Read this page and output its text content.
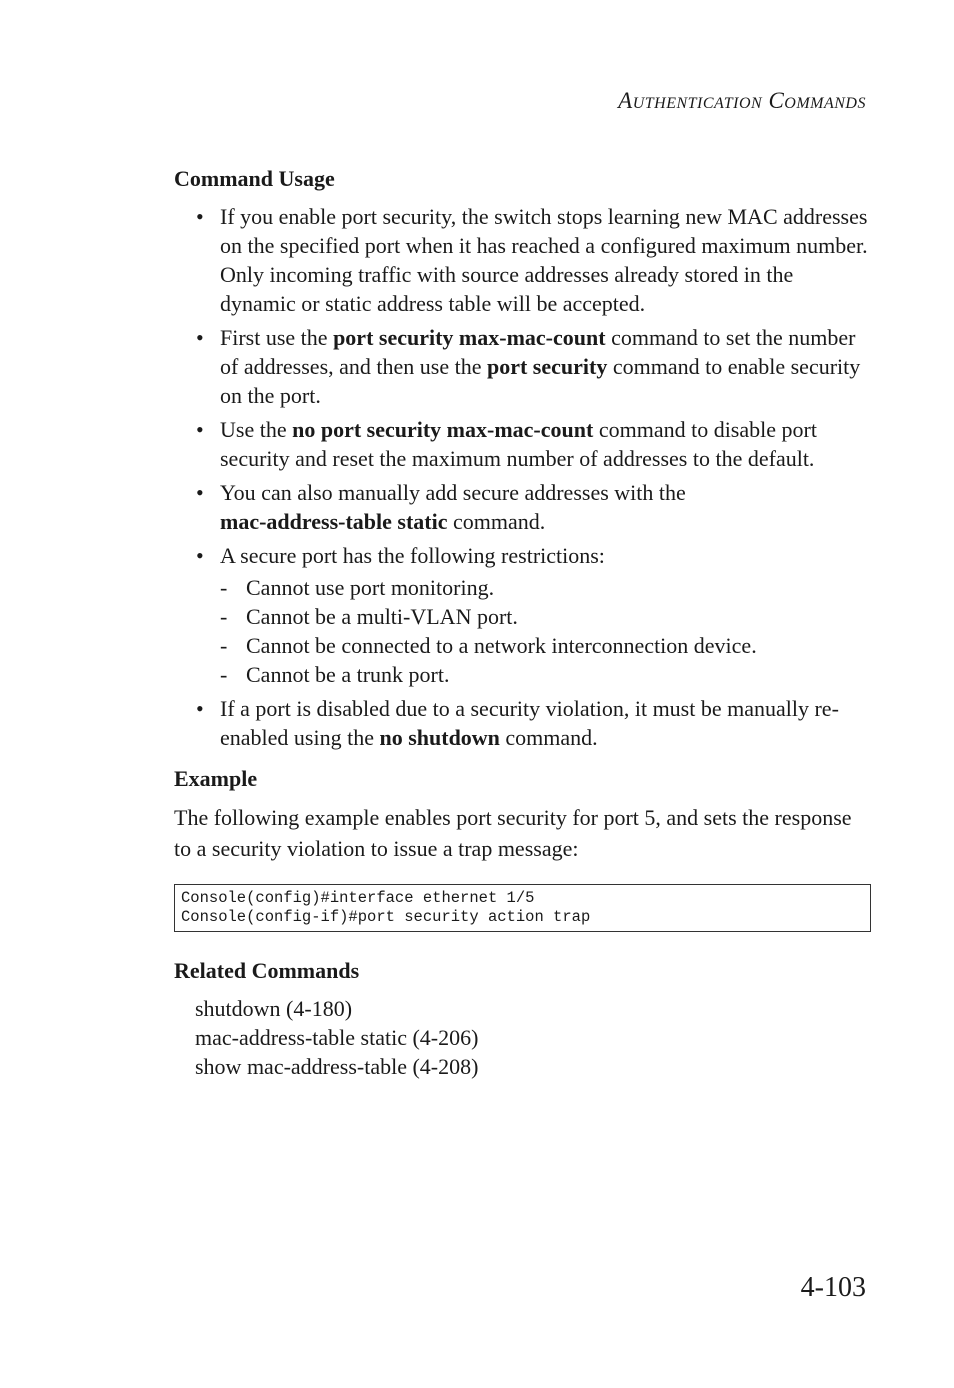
Authentication Commands
Command Usage
• If you enable port security, the switch stops learning new MAC addresses on the specified port when it has reached a configured maximum number. Only incoming traffic with source addresses already stored in the dynamic or static address table will be accepted.
• First use the port security max-mac-count command to set the number of addresses, and then use the port security command to enable security on the port.
• Use the no port security max-mac-count command to disable port security and reset the maximum number of addresses to the default.
• You can also manually add secure addresses with the
mac-address-table static command.
• A secure port has the following restrictions:
- Cannot use port monitoring.
- Cannot be a multi-VLAN port.
- Cannot be connected to a network interconnection device.
- Cannot be a trunk port.
• If a port is disabled due to a security violation, it must be manually re-enabled using the no shutdown command.
Example

The following example enables port security for port 5, and sets the response to a security violation to issue a trap message:

Console(config)#interface ethernet 1/5
Console(config-if)#port security action trap
Related Commands
shutdown (4-180)
mac-address-table static (4-206)
show mac-address-table (4-208)
4-103
